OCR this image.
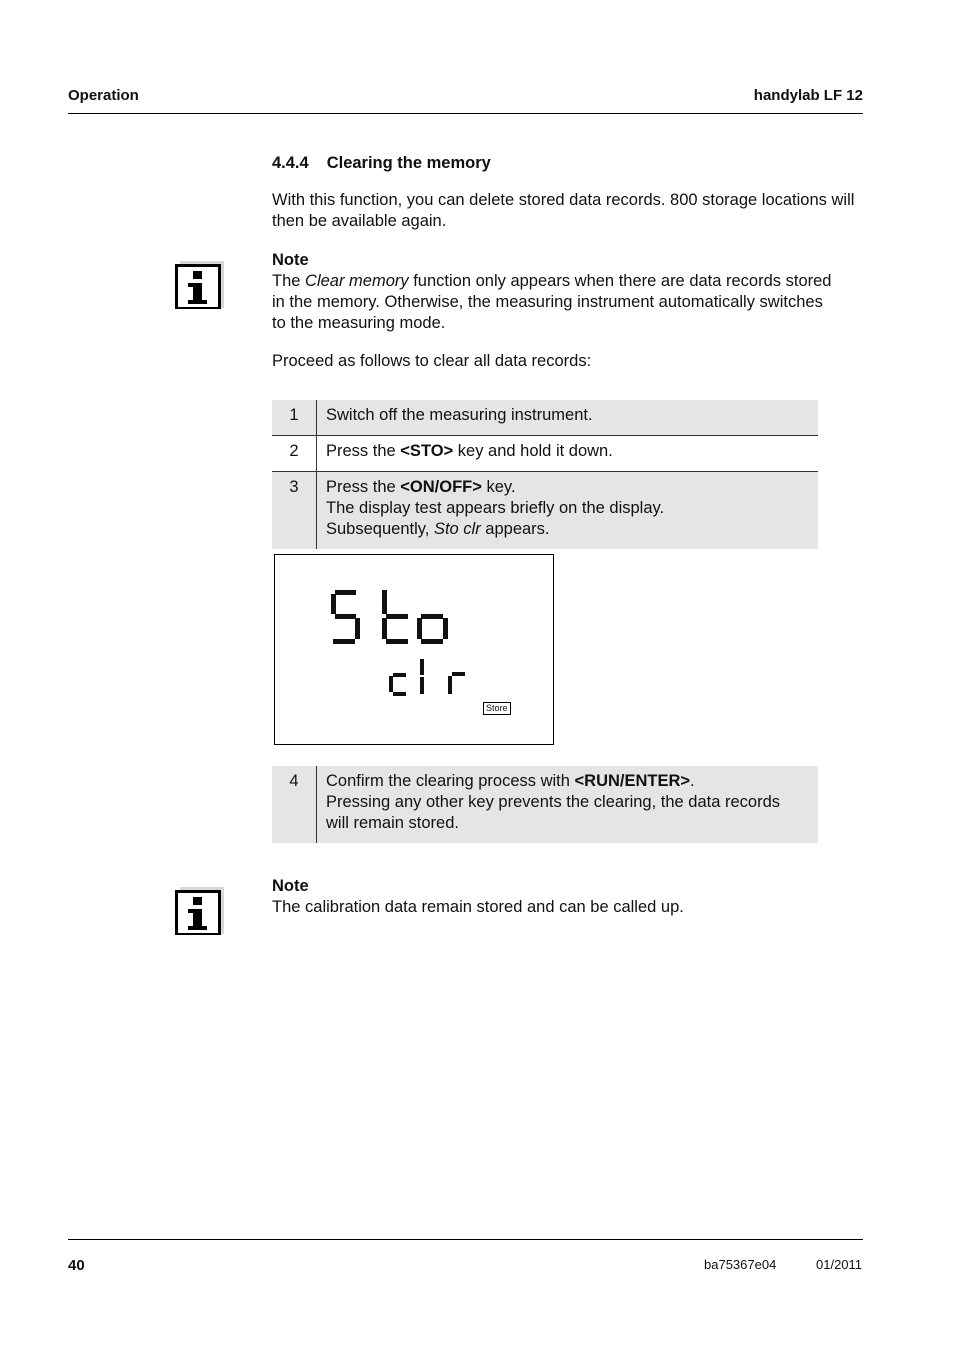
Operation	handylab LF 12
4.4.4 Clearing the memory
With this function, you can delete stored data records. 800 storage locations will then be available again.
Note
The Clear memory function only appears when there are data records stored
in the memory. Otherwise, the measuring instrument automatically switches
to the measuring mode.
Proceed as follows to clear all data records:
1	Switch off the measuring instrument.
2	Press the <STO> key and hold it down.
3	Press the <ON/OFF> key.
The display test appears briefly on the display.
Subsequently, Sto clr appears.
Store
4	Confirm the clearing process with <RUN/ENTER>.
Pressing any other key prevents the clearing, the data records
will remain stored.
Note
The calibration data remain stored and can be called up.
40	ba75367e04	01/2011
